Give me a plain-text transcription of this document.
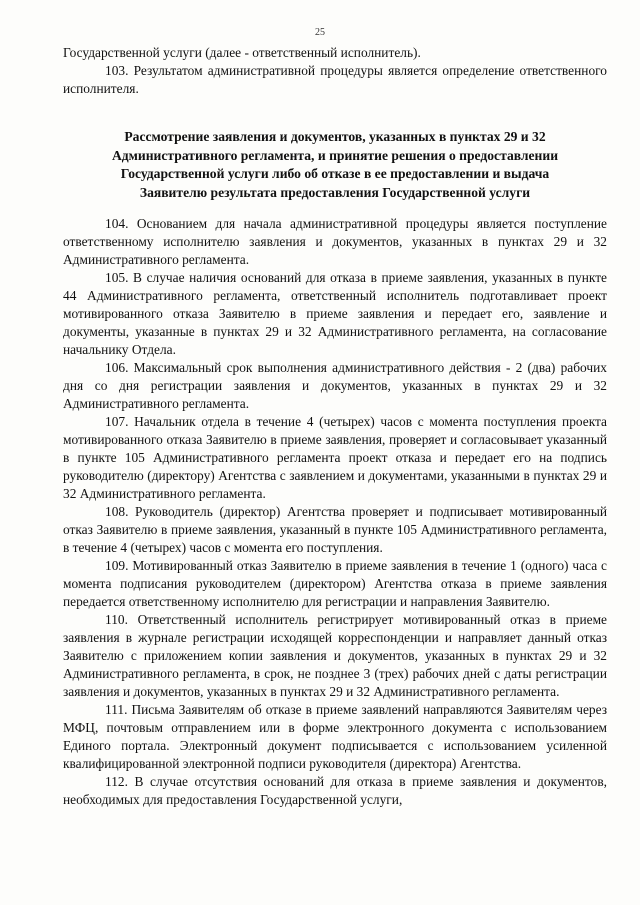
25

Государственной услуги (далее - ответственный исполнитель).

103. Результатом административной процедуры является определение ответственного исполнителя.

Рассмотрение заявления и документов, указанных в пунктах 29 и 32
Административного регламента, и принятие решения о предоставлении
Государственной услуги либо об отказе в ее предоставлении и выдача
Заявителю результата предоставления Государственной услуги

104. Основанием для начала административной процедуры является поступление ответственному исполнителю заявления и документов, указанных в пунктах 29 и 32 Административного регламента.

105. В случае наличия оснований для отказа в приеме заявления, указанных в пункте 44 Административного регламента, ответственный исполнитель подготавливает проект мотивированного отказа Заявителю в приеме заявления и передает его, заявление и документы, указанные в пунктах 29 и 32 Административного регламента, на согласование начальнику Отдела.

106. Максимальный срок выполнения административного действия - 2 (два) рабочих дня со дня регистрации заявления и документов, указанных в пунктах 29 и 32 Административного регламента.

107. Начальник отдела в течение 4 (четырех) часов с момента поступления проекта мотивированного отказа Заявителю в приеме заявления, проверяет и согласовывает указанный в пункте 105 Административного регламента проект отказа и передает его на подпись руководителю (директору) Агентства с заявлением и документами, указанными в пунктах 29 и 32 Административного регламента.

108. Руководитель (директор) Агентства проверяет и подписывает мотивированный отказ Заявителю в приеме заявления, указанный в пункте 105 Административного регламента, в течение 4 (четырех) часов с момента его поступления.

109. Мотивированный отказ Заявителю в приеме заявления в течение 1 (одного) часа с момента подписания руководителем (директором) Агентства отказа в приеме заявления передается ответственному исполнителю для регистрации и направления Заявителю.

110. Ответственный исполнитель регистрирует мотивированный отказ в приеме заявления в журнале регистрации исходящей корреспонденции и направляет данный отказ Заявителю с приложением копии заявления и документов, указанных в пунктах 29 и 32 Административного регламента, в срок, не позднее 3 (трех) рабочих дней с даты регистрации заявления и документов, указанных в пунктах 29 и 32 Административного регламента.

111. Письма Заявителям об отказе в приеме заявлений направляются Заявителям через МФЦ, почтовым отправлением или в форме электронного документа с использованием Единого портала. Электронный документ подписывается с использованием усиленной квалифицированной электронной подписи руководителя (директора) Агентства.

112. В случае отсутствия оснований для отказа в приеме заявления и документов, необходимых для предоставления Государственной услуги,
